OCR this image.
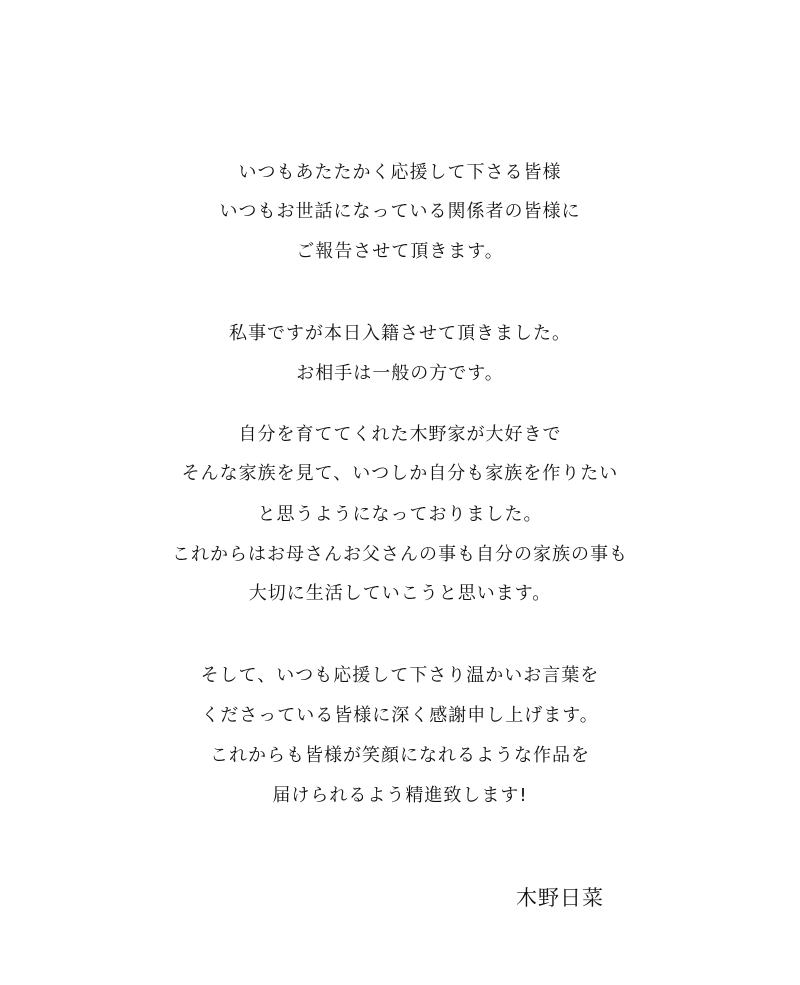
いつもあたたかく応援して下さる皆様
いつもお世話になっている関係者の皆様に
ご報告させて頂きます。
私事ですが本日入籍させて頂きました。
お相手は一般の方です。
自分を育ててくれた木野家が大好きで
そんな家族を見て、いつしか自分も家族を作りたい
と思うようになっておりました。
これからはお母さんお父さんの事も自分の家族の事も
大切に生活していこうと思います。
そして、いつも応援して下さり温かいお言葉を
くださっている皆様に深く感謝申し上げます。
これからも皆様が笑顔になれるような作品を
届けられるよう精進致します!
木野日菜
